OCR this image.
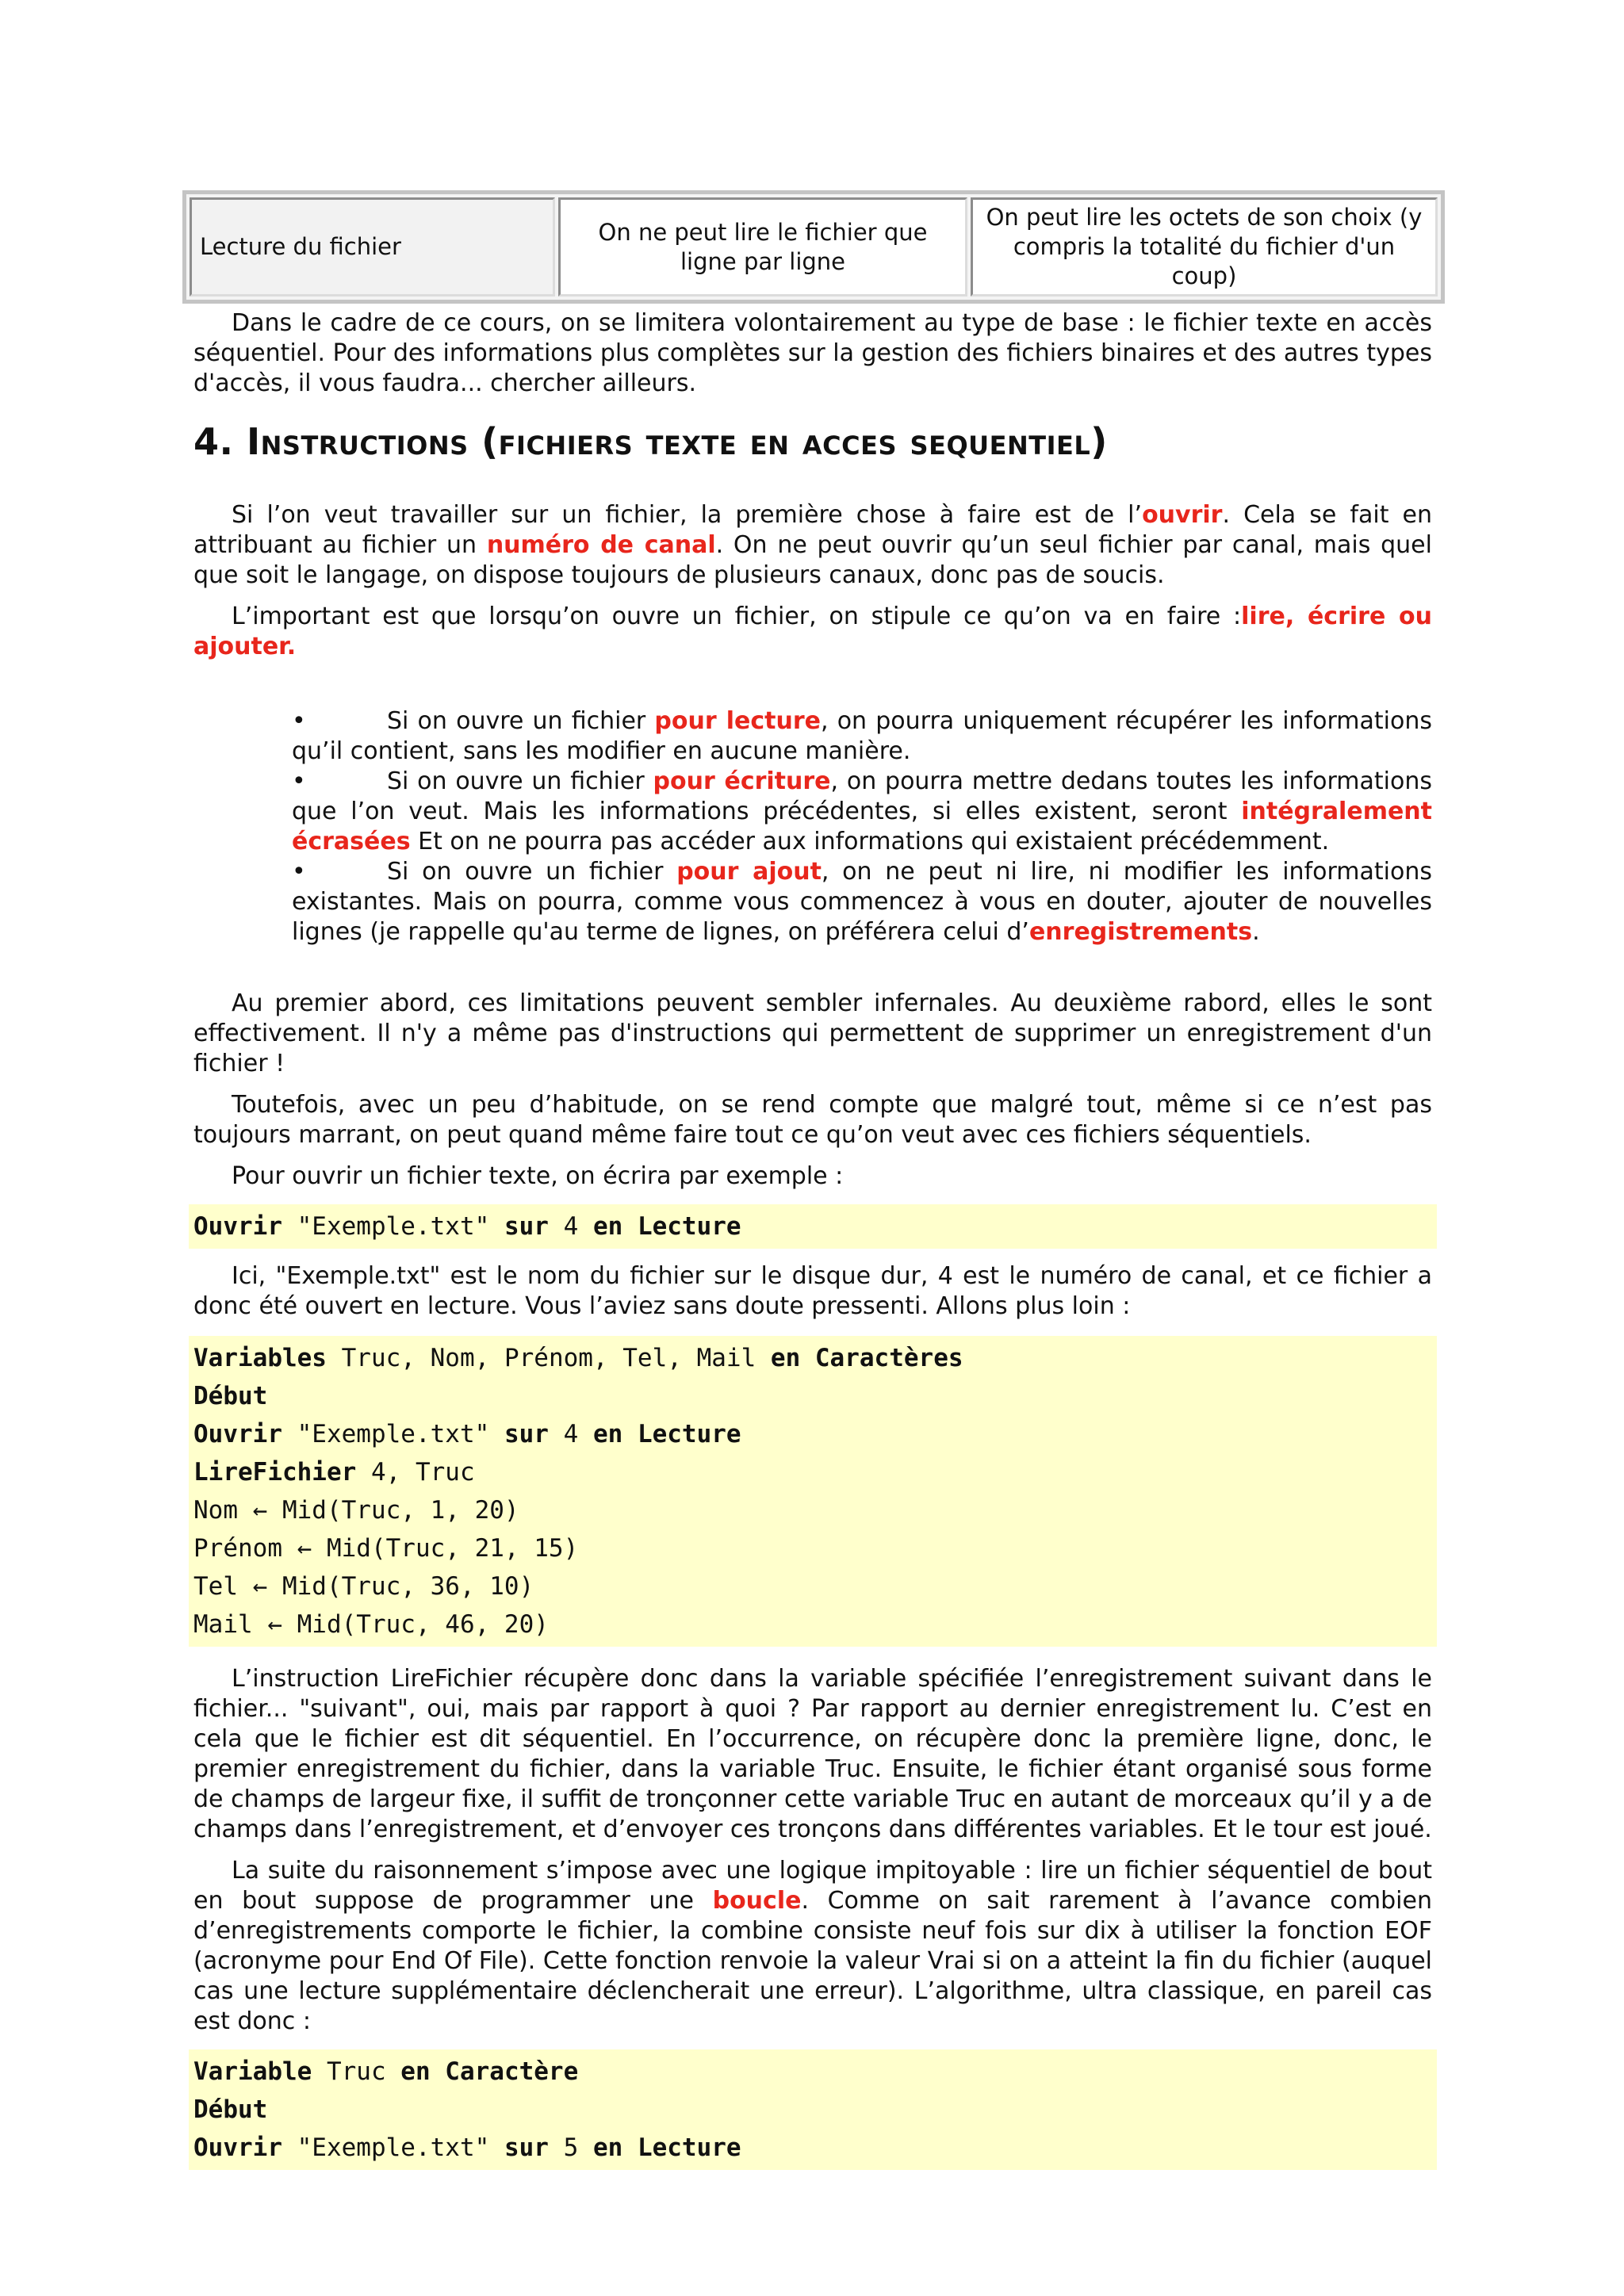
Lecture du fichier	On ne peut lire le fichier que ligne par ligne	On peut lire les octets de son choix (y compris la totalité du fichier d'un coup)

Dans le cadre de ce cours, on se limitera volontairement au type de base : le fichier texte en accès séquentiel. Pour des informations plus complètes sur la gestion des fichiers binaires et des autres types d'accès, il vous faudra... chercher ailleurs.

4. Instructions (fichiers texte en acces sequentiel)

Si l’on veut travailler sur un fichier, la première chose à faire est de l’ouvrir. Cela se fait en attribuant au fichier un numéro de canal. On ne peut ouvrir qu’un seul fichier par canal, mais quel que soit le langage, on dispose toujours de plusieurs canaux, donc pas de soucis.

L’important est que lorsqu’on ouvre un fichier, on stipule ce qu’on va en faire :lire, écrire ou ajouter.

•	Si on ouvre un fichier pour lecture, on pourra uniquement récupérer les informations qu’il contient, sans les modifier en aucune manière.
•	Si on ouvre un fichier pour écriture, on pourra mettre dedans toutes les informations que l’on veut. Mais les informations précédentes, si elles existent, seront intégralement écrasées Et on ne pourra pas accéder aux informations qui existaient précédemment.
•	Si on ouvre un fichier pour ajout, on ne peut ni lire, ni modifier les informations existantes. Mais on pourra, comme vous commencez à vous en douter, ajouter de nouvelles lignes (je rappelle qu'au terme de lignes, on préférera celui d’enregistrements.

Au premier abord, ces limitations peuvent sembler infernales. Au deuxième rabord, elles le sont effectivement. Il n'y a même pas d'instructions qui permettent de supprimer un enregistrement d'un fichier !

Toutefois, avec un peu d’habitude, on se rend compte que malgré tout, même si ce n’est pas toujours marrant, on peut quand même faire tout ce qu’on veut avec ces fichiers séquentiels.

Pour ouvrir un fichier texte, on écrira par exemple :

Ouvrir "Exemple.txt" sur 4 en Lecture

Ici, "Exemple.txt" est le nom du fichier sur le disque dur, 4 est le numéro de canal, et ce fichier a donc été ouvert en lecture. Vous l’aviez sans doute pressenti. Allons plus loin :

Variables Truc, Nom, Prénom, Tel, Mail en Caractères
Début
Ouvrir "Exemple.txt" sur 4 en Lecture
LireFichier 4, Truc
Nom ← Mid(Truc, 1, 20)
Prénom ← Mid(Truc, 21, 15)
Tel ← Mid(Truc, 36, 10)
Mail ← Mid(Truc, 46, 20)

L’instruction LireFichier récupère donc dans la variable spécifiée l’enregistrement suivant dans le fichier... "suivant", oui, mais par rapport à quoi ? Par rapport au dernier enregistrement lu. C’est en cela que le fichier est dit séquentiel. En l’occurrence, on récupère donc la première ligne, donc, le premier enregistrement du fichier, dans la variable Truc. Ensuite, le fichier étant organisé sous forme de champs de largeur fixe, il suffit de tronçonner cette variable Truc en autant de morceaux qu’il y a de champs dans l’enregistrement, et d’envoyer ces tronçons dans différentes variables. Et le tour est joué.

La suite du raisonnement s’impose avec une logique impitoyable : lire un fichier séquentiel de bout en bout suppose de programmer une boucle. Comme on sait rarement à l’avance combien d’enregistrements comporte le fichier, la combine consiste neuf fois sur dix à utiliser la fonction EOF (acronyme pour End Of File). Cette fonction renvoie la valeur Vrai si on a atteint la fin du fichier (auquel cas une lecture supplémentaire déclencherait une erreur). L’algorithme, ultra classique, en pareil cas est donc :

Variable Truc en Caractère
Début
Ouvrir "Exemple.txt" sur 5 en Lecture
